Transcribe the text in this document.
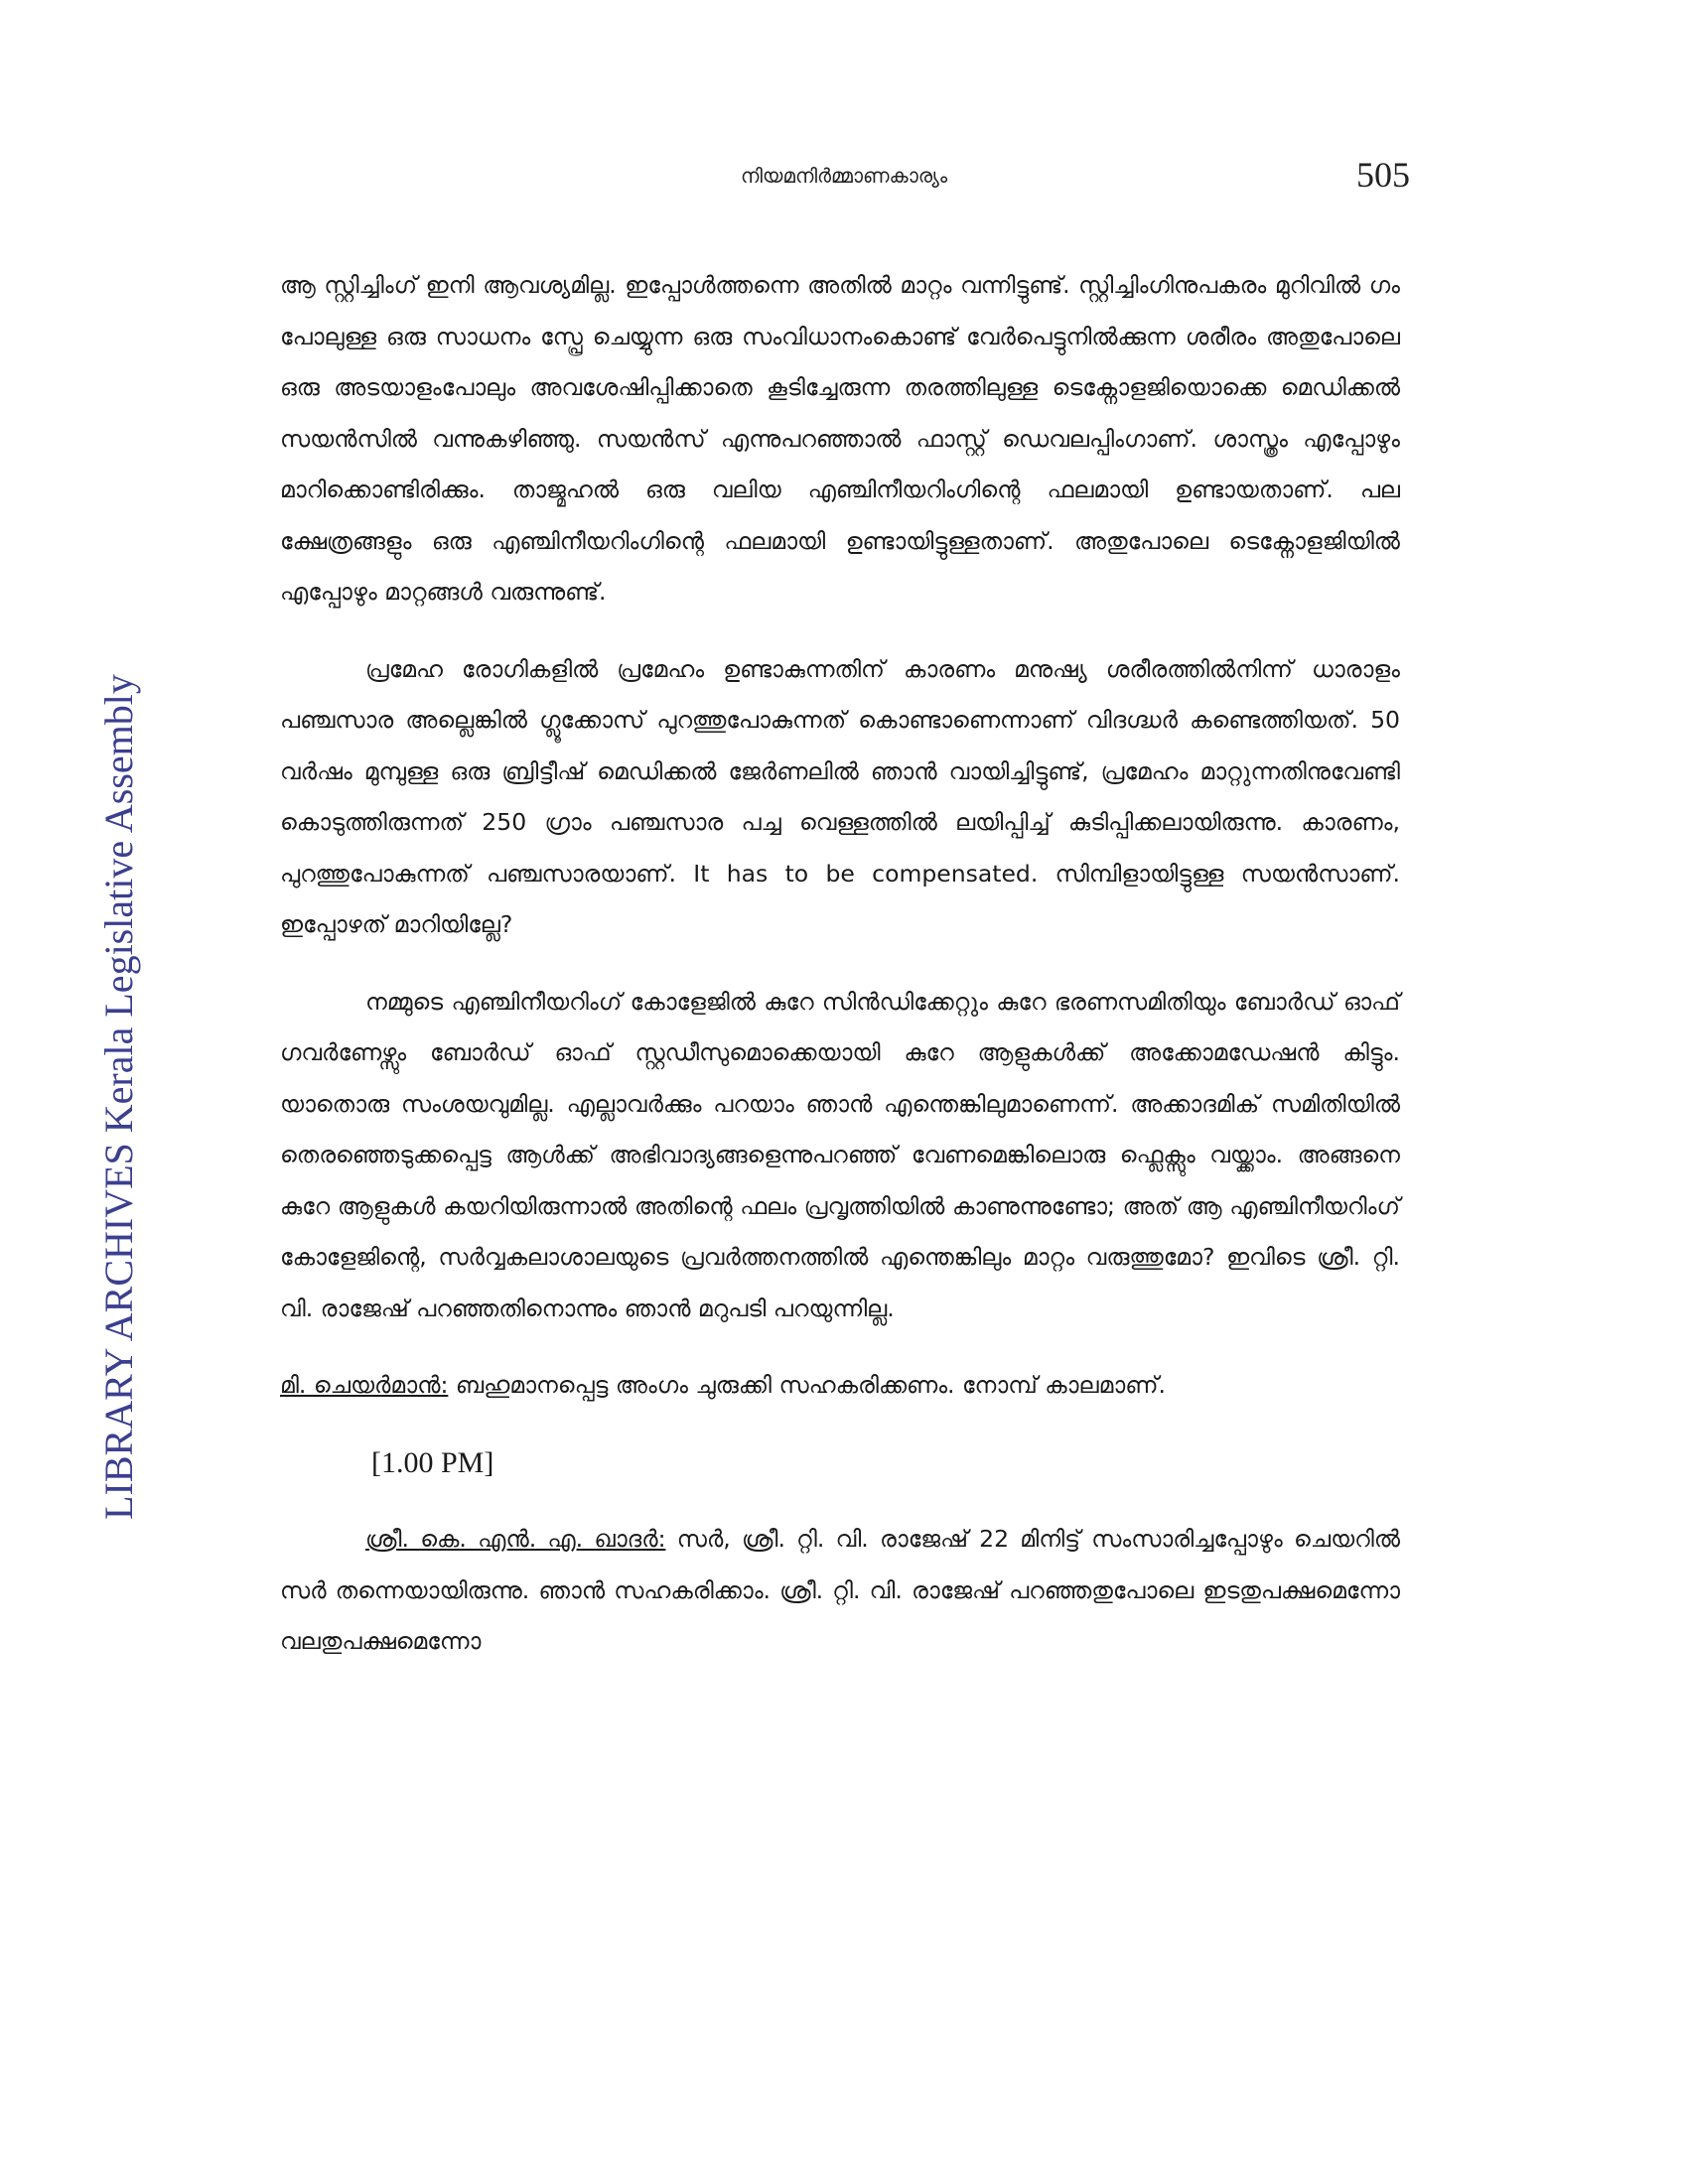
LIBRARY ARCHIVES Kerala Legislative Assembly
നിയമനിർമ്മാണകാര്യം	505

ആ സ്റ്റിച്ചിംഗ് ഇനി ആവശ്യമില്ല. ഇപ്പോൾത്തന്നെ അതിൽ മാറ്റം വന്നിട്ടുണ്ട്. സ്റ്റിച്ചിംഗിനുപകരം മുറിവിൽ ഗം പോലുള്ള ഒരു സാധനം സ്പ്രേ ചെയ്യുന്ന ഒരു സംവിധാനംകൊണ്ട് വേർപെട്ടുനിൽക്കുന്ന ശരീരം അതുപോലെ ഒരു അടയാളംപോലും അവശേഷിപ്പിക്കാതെ കൂടിച്ചേരുന്ന തരത്തിലുള്ള ടെക്നോളജിയൊക്കെ മെഡിക്കൽ സയൻസിൽ വന്നുകഴിഞ്ഞു. സയൻസ് എന്നുപറഞ്ഞാൽ ഫാസ്റ്റ് ഡെവലപ്പിംഗാണ്. ശാസ്ത്രം എപ്പോഴും മാറിക്കൊണ്ടിരിക്കും. താജ്മഹൽ ഒരു വലിയ എഞ്ചിനീയറിംഗിന്റെ ഫലമായി ഉണ്ടായതാണ്. പല ക്ഷേത്രങ്ങളും ഒരു എഞ്ചിനീയറിംഗിന്റെ ഫലമായി ഉണ്ടായിട്ടുള്ളതാണ്. അതുപോലെ ടെക്നോളജിയിൽ എപ്പോഴും മാറ്റങ്ങൾ വരുന്നുണ്ട്.

പ്രമേഹ രോഗികളിൽ പ്രമേഹം ഉണ്ടാകുന്നതിന് കാരണം മനുഷ്യ ശരീരത്തിൽനിന്ന് ധാരാളം പഞ്ചസാര അല്ലെങ്കിൽ ഗ്ലൂക്കോസ് പുറത്തുപോകുന്നത് കൊണ്ടാണെന്നാണ് വിദഗ്ദ്ധർ കണ്ടെത്തിയത്. 50 വർഷം മുമ്പുള്ള ഒരു ബ്രിട്ടീഷ് മെഡിക്കൽ ജേർണലിൽ ഞാൻ വായിച്ചിട്ടുണ്ട്, പ്രമേഹം മാറ്റുന്നതിനുവേണ്ടി കൊടുത്തിരുന്നത് 250 ഗ്രാം പഞ്ചസാര പച്ച വെള്ളത്തിൽ ലയിപ്പിച്ച് കുടിപ്പിക്കലായിരുന്നു. കാരണം, പുറത്തുപോകുന്നത് പഞ്ചസാരയാണ്. It has to be compensated. സിമ്പിളായിട്ടുള്ള സയൻസാണ്. ഇപ്പോഴത് മാറിയില്ലേ?

നമ്മുടെ എഞ്ചിനീയറിംഗ് കോളേജിൽ കുറേ സിൻഡിക്കേറ്റും കുറേ ഭരണസമിതിയും ബോർഡ് ഓഫ് ഗവർണേഴ്സും ബോർഡ് ഓഫ് സ്റ്റഡീസുമൊക്കെയായി കുറേ ആളുകൾക്ക് അക്കോമഡേഷൻ കിട്ടും. യാതൊരു സംശയവുമില്ല. എല്ലാവർക്കും പറയാം ഞാൻ എന്തെങ്കിലുമാണെന്ന്. അക്കാദമിക് സമിതിയിൽ തെരഞ്ഞെടുക്കപ്പെട്ട ആൾക്ക് അഭിവാദ്യങ്ങളെന്നുപറഞ്ഞ് വേണമെങ്കിലൊരു ഫ്ലെക്സും വയ്ക്കാം. അങ്ങനെ കുറേ ആളുകൾ കയറിയിരുന്നാൽ അതിന്റെ ഫലം പ്രവൃത്തിയിൽ കാണുന്നുണ്ടോ; അത് ആ എഞ്ചിനീയറിംഗ് കോളേജിന്റെ, സർവ്വകലാശാലയുടെ പ്രവർത്തനത്തിൽ എന്തെങ്കിലും മാറ്റം വരുത്തുമോ? ഇവിടെ ശ്രീ. റ്റി. വി. രാജേഷ് പറഞ്ഞതിനൊന്നും ഞാൻ മറുപടി പറയുന്നില്ല.

മി. ചെയർമാൻ: ബഹുമാനപ്പെട്ട അംഗം ചുരുക്കി സഹകരിക്കണം. നോമ്പ് കാലമാണ്.

[1.00 PM]

ശ്രീ. കെ. എൻ. എ. ഖാദർ: സർ, ശ്രീ. റ്റി. വി. രാജേഷ് 22 മിനിട്ട് സംസാരിച്ചപ്പോഴും ചെയറിൽ സർ തന്നെയായിരുന്നു. ഞാൻ സഹകരിക്കാം. ശ്രീ. റ്റി. വി. രാജേഷ് പറഞ്ഞതുപോലെ ഇടതുപക്ഷമെന്നോ വലതുപക്ഷമെന്നോ
